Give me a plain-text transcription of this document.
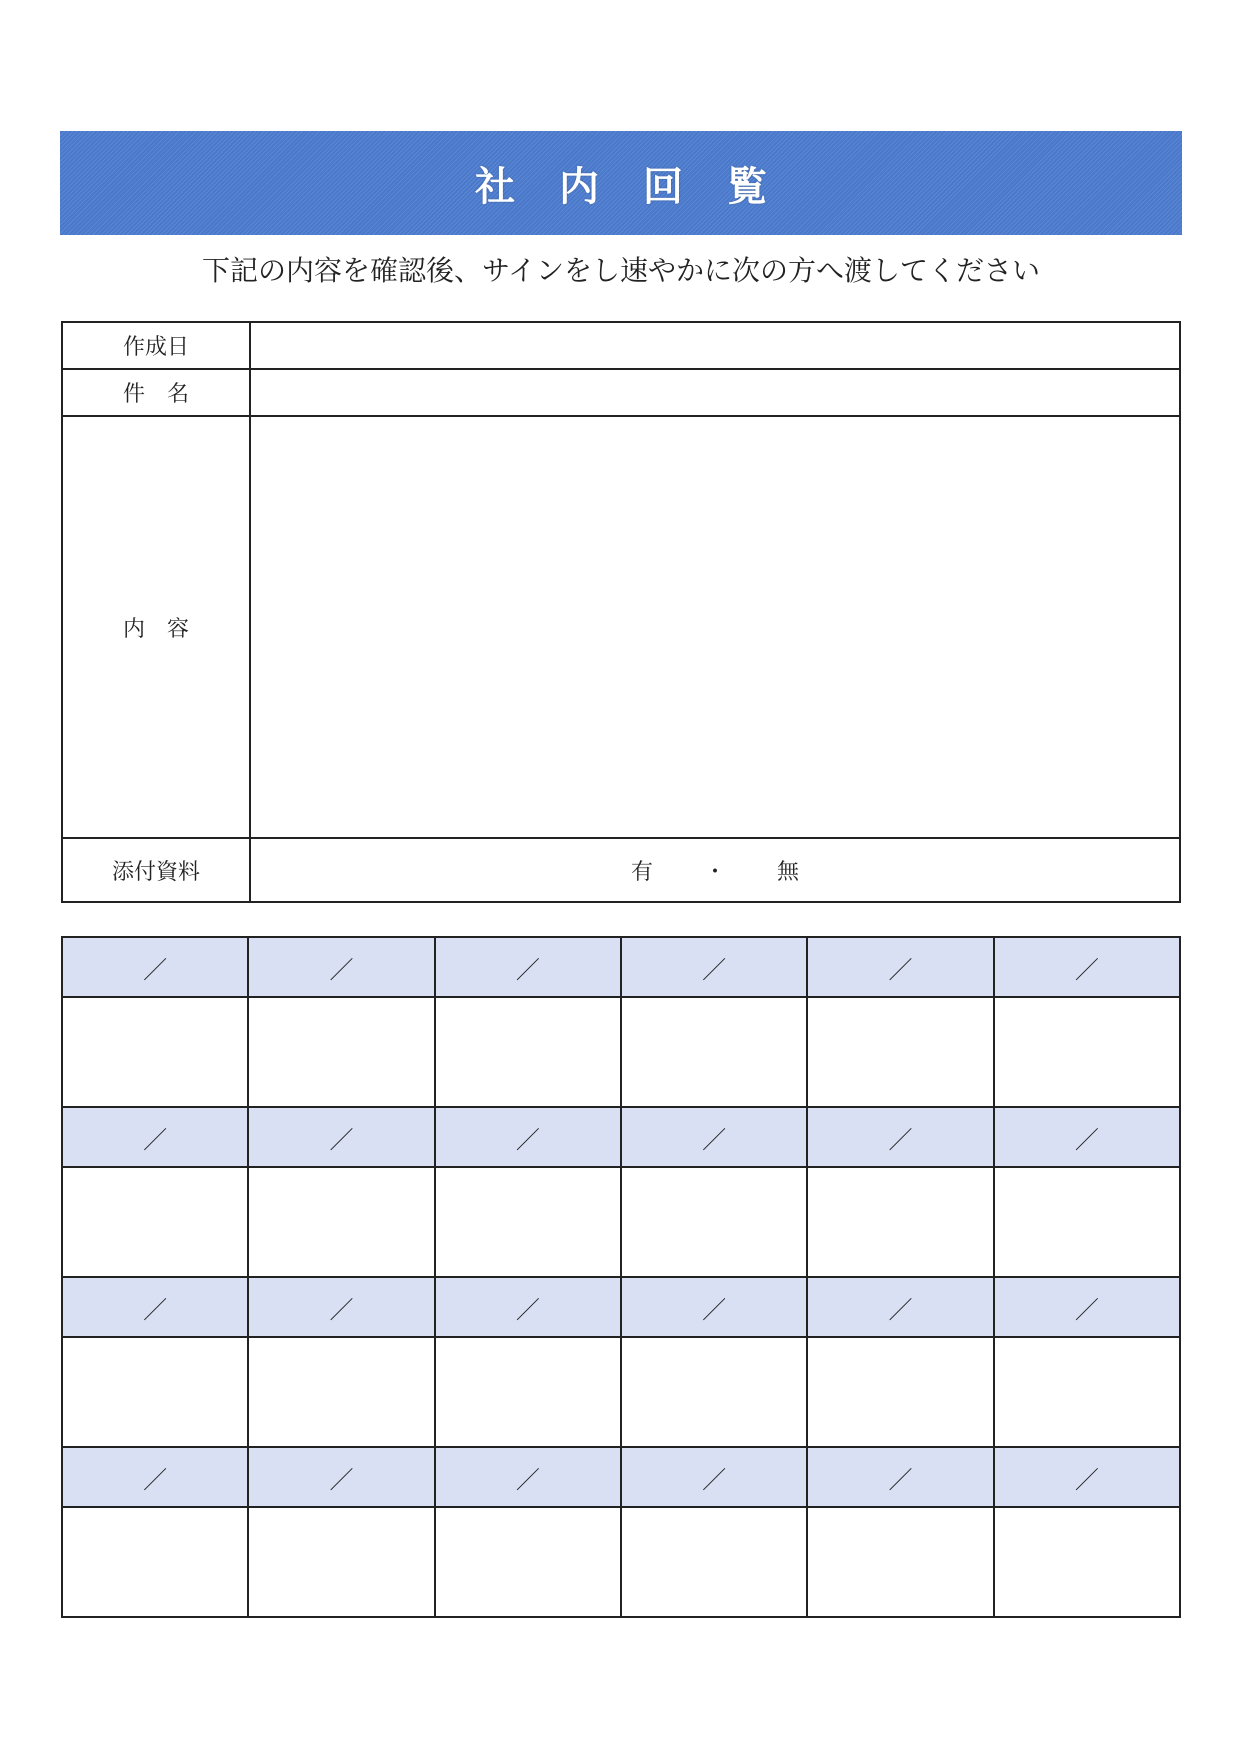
社内回覧
下記の内容を確認後、サインをし速やかに次の方へ渡してください
作成日	
件　名	
内　容	
添付資料	有 ・ 無
／	／	／	／	／	／

／	／	／	／	／	／

／	／	／	／	／	／

／	／	／	／	／	／
